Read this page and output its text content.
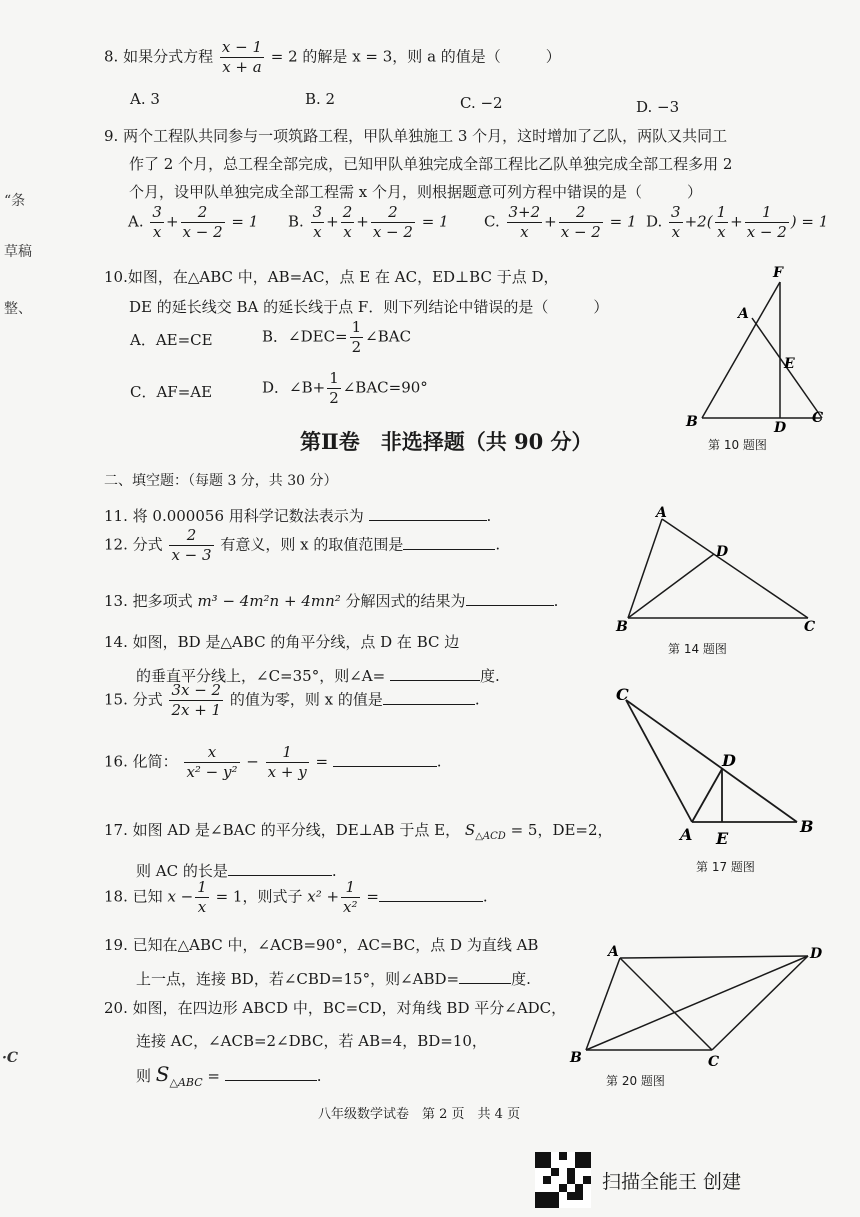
“条
草稿
整、
·C
8. 如果分式方程 $\frac{x - 1}{x + a} = 2$ 的解是 x = 3，则 a 的值是（　　　）
A. 3	B. 2	C. −2	D. −3
9. 两个工程队共同参与一项筑路工程，甲队单独施工 3 个月，这时增加了乙队，两队又共同工
作了 2 个月，总工程全部完成，已知甲队单独完成全部工程比乙队单独完成全部工程多用 2
个月，设甲队单独完成全部工程需 x 个月，则根据题意可列方程中错误的是（　　　）
A. $\frac{3}{x} + \frac{2}{x - 2} = 1$ B. $\frac{3}{x} + \frac{2}{x} + \frac{2}{x - 2} = 1$ C. $\frac{3+2}{x} + \frac{2}{x - 2} = 1$ D. $\frac{3}{x} +2( \frac{1}{x} + \frac{1}{x - 2}$ ) = 1
10.如图，在△ABC 中，AB=AC，点 E 在 AC，ED⊥BC 于点 D，
DE 的延长线交 BA 的延长线于点 F．则下列结论中错误的是（　　　）
A．AE=CE	B．∠DEC= $\frac{1}{2}$ ∠BAC
C．AF=AE	D．∠B+ $\frac{1}{2}$ ∠BAC=90°
F
A
E
B	D
C
第 10 题图
第Ⅱ卷　非选择题（共 90 分）
二、填空题：（每题 3 分，共 30 分）
11. 将 0.000056 用科学记数法表示为	.
12. 分式 $\frac{2}{x - 3}$ 有意义，则 x 的取值范围是	.
13. 把多项式 m³ − 4m²n + 4mn² 分解因式的结果为	.
14. 如图，BD 是△ABC 的角平分线，点 D 在 BC 边
的垂直平分线上，∠C=35°，则∠A=	度.
A
D
B	C
第 14 题图
15. 分式 $\frac{3x - 2}{2x + 1}$ 的值为零，则 x 的值是	.
16. 化简： $\frac{x}{\text{x² − y²}} - \frac{1}{x + y}$ =	.
C
D
A E
B
第 17 题图
17. 如图 AD 是∠BAC 的平分线，DE⊥AB 于点 E， $S_{\triangle ACD} = 5$，DE=2，
则 AC 的长是	.
18. 已知 $x - \frac{1}{x} = 1$，则式子 $x^2 + \frac{1}{\text{x²}}$ =	.
19. 已知在△ABC 中，∠ACB=90°，AC=BC，点 D 为直线 AB
上一点，连接 BD，若∠CBD=15°，则∠ABD=	度.
20. 如图，在四边形 ABCD 中，BC=CD，对角线 BD 平分∠ADC，
连接 AC，∠ACB=2∠DBC，若 AB=4，BD=10，
则 $S_{\triangle ABC}$ =	.
A	D
B	C
第 20 题图
八年级数学试卷　第 2 页　共 4 页
扫描全能王 创建
